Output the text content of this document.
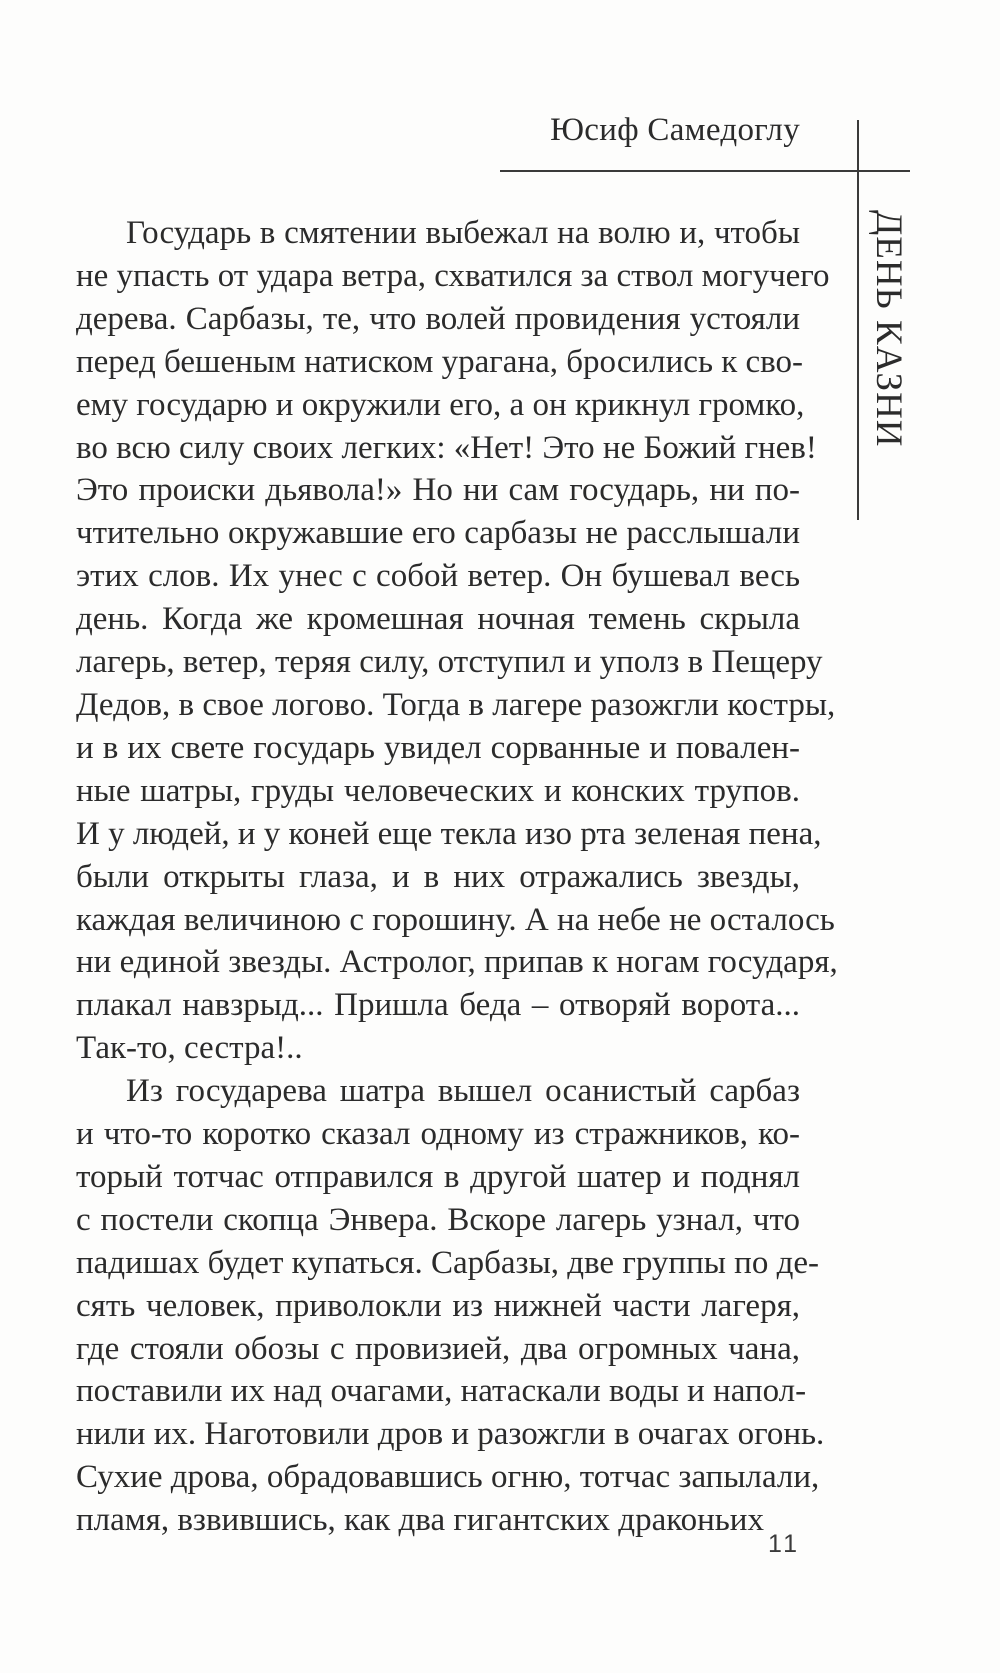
Юсиф Самедоглу
ДЕНЬ КАЗНИ
Государь в смятении выбежал на волю и, чтобы
не упасть от удара ветра, схватился за ствол могучего
дерева. Сарбазы, те, что волей провидения устояли
перед бешеным натиском урагана, бросились к сво-
ему государю и окружили его, а он крикнул громко,
во всю силу своих легких: «Нет! Это не Божий гнев!
Это происки дьявола!» Но ни сам государь, ни по-
чтительно окружавшие его сарбазы не расслышали
этих слов. Их унес с собой ветер. Он бушевал весь
день. Когда же кромешная ночная темень скрыла
лагерь, ветер, теряя силу, отступил и уполз в Пещеру
Дедов, в свое логово. Тогда в лагере разожгли костры,
и в их свете государь увидел сорванные и повален-
ные шатры, груды человеческих и конских трупов.
И у людей, и у коней еще текла изо рта зеленая пена,
были открыты глаза, и в них отражались звезды,
каждая величиною с горошину. А на небе не осталось
ни единой звезды. Астролог, припав к ногам государя,
плакал навзрыд... Пришла беда – отворяй ворота...
Так-то, сестра!..
Из государева шатра вышел осанистый сарбаз
и что-то коротко сказал одному из стражников, ко-
торый тотчас отправился в другой шатер и поднял
с постели скопца Энвера. Вскоре лагерь узнал, что
падишах будет купаться. Сарбазы, две группы по де-
сять человек, приволокли из нижней части лагеря,
где стояли обозы с провизией, два огромных чана,
поставили их над очагами, натаскали воды и напол-
нили их. Наготовили дров и разожгли в очагах огонь.
Сухие дрова, обрадовавшись огню, тотчас запылали,
пламя, взвившись, как два гигантских драконьих
11
